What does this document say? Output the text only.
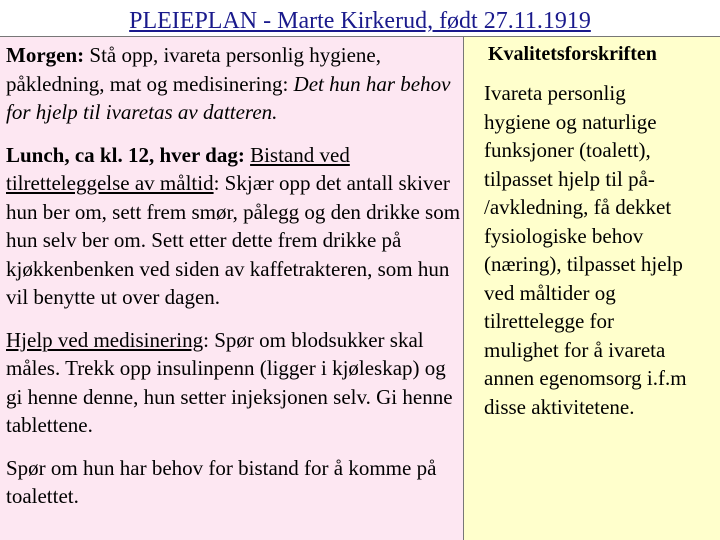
PLEIEPLAN - Marte Kirkerud, født 27.11.1919

Morgen: Stå opp, ivareta personlig hygiene, påkledning, mat og medisinering: Det hun har behov for hjelp til ivaretas av datteren.

Lunch, ca kl. 12, hver dag: Bistand ved tilretteleggelse av måltid: Skjær opp det antall skiver hun ber om, sett frem smør, pålegg og den drikke som hun selv ber om. Sett etter dette frem drikke på kjøkkenbenken ved siden av kaffetrakteren, som hun vil benytte ut over dagen.

Hjelp ved medisinering: Spør om blodsukker skal måles. Trekk opp insulinpenn (ligger i kjøleskap) og gi henne denne, hun setter injeksjonen selv. Gi henne tablettene.

Spør om hun har behov for bistand for å komme på toalettet.

Kvalitetsforskriften
Ivareta personlig
hygiene og naturlige
funksjoner (toalett),
tilpasset hjelp til på-
/avkledning, få dekket
fysiologiske behov
(næring), tilpasset hjelp
ved måltider og
tilrettelegge for
mulighet for å ivareta
annen egenomsorg i.f.m
disse aktivitetene.
